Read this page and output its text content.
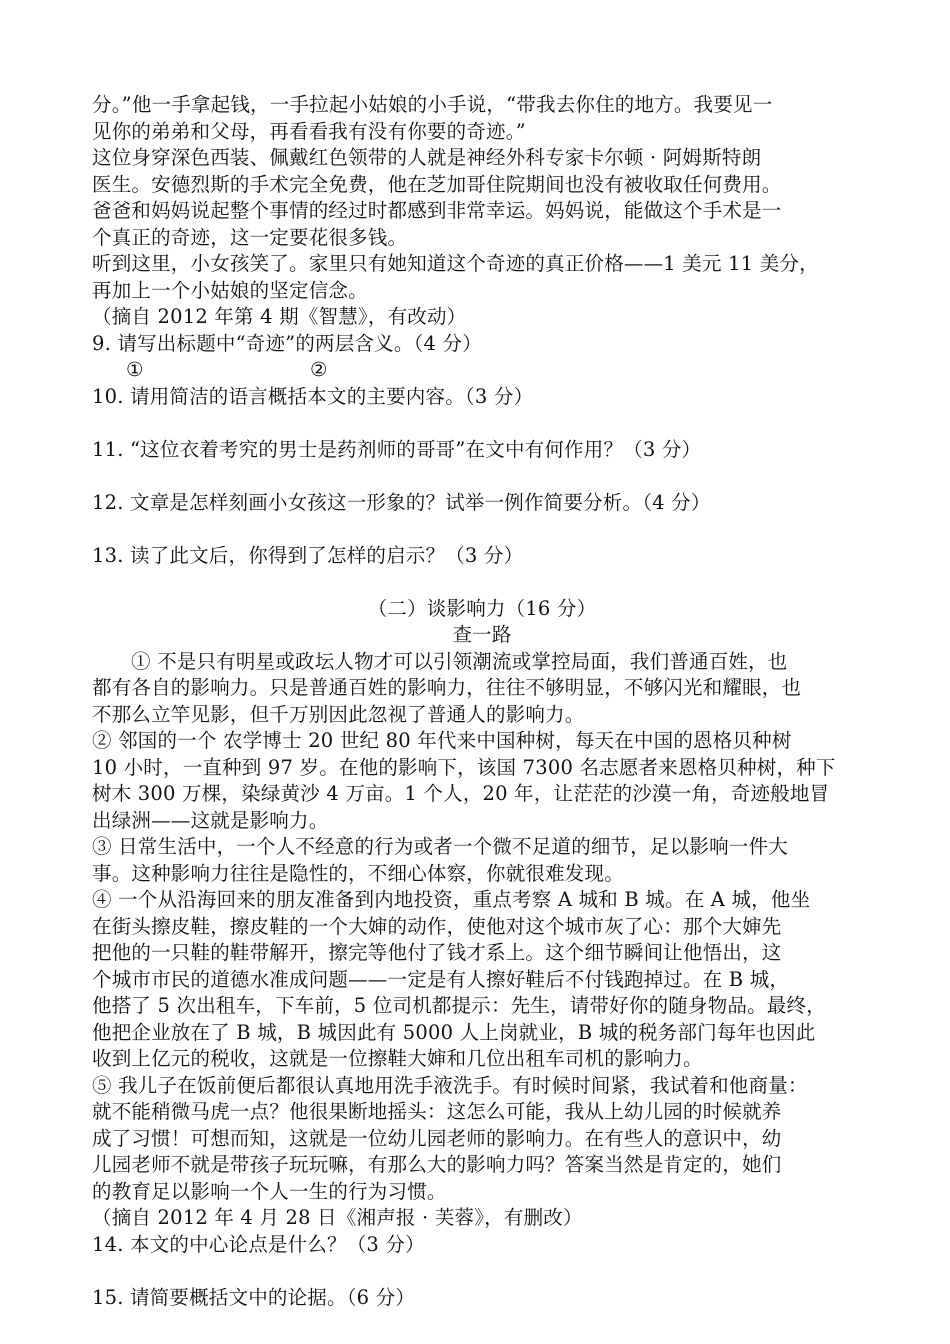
分。”他一手拿起钱，一手拉起小姑娘的小手说，“带我去你住的地方。我要见一
见你的弟弟和父母，再看看我有没有你要的奇迹。”
这位身穿深色西装、佩戴红色领带的人就是神经外科专家卡尔顿 · 阿姆斯特朗
医生。安德烈斯的手术完全免费，他在芝加哥住院期间也没有被收取任何费用。
爸爸和妈妈说起整个事情的经过时都感到非常幸运。妈妈说，能做这个手术是一
个真正的奇迹，这一定要花很多钱。
听到这里，小女孩笑了。家里只有她知道这个奇迹的真正价格——1 美元 11 美分，
再加上一个小姑娘的坚定信念。
（摘自 2012 年第 4 期《智慧》，有改动）
9. 请写出标题中“奇迹”的两层含义。（4 分）
①                          ②
10. 请用简洁的语言概括本文的主要内容。（3 分）
11. “这位衣着考究的男士是药剂师的哥哥”在文中有何作用？（3 分）
12. 文章是怎样刻画小女孩这一形象的？试举一例作简要分析。（4 分）
13. 读了此文后，你得到了怎样的启示？（3 分）
（二）谈影响力（16 分）
查一路
① 不是只有明星或政坛人物才可以引领潮流或掌控局面，我们普通百姓，也
都有各自的影响力。只是普通百姓的影响力，往往不够明显，不够闪光和耀眼，也
不那么立竿见影，但千万别因此忽视了普通人的影响力。
② 邻国的一个 农学博士 20 世纪 80 年代来中国种树，每天在中国的恩格贝种树
10 小时，一直种到 97 岁。在他的影响下，该国 7300 名志愿者来恩格贝种树，种下
树木 300 万棵，染绿黄沙 4 万亩。1 个人，20 年，让茫茫的沙漠一角，奇迹般地冒
出绿洲——这就是影响力。
③ 日常生活中，一个人不经意的行为或者一个微不足道的细节，足以影响一件大
事。这种影响力往往是隐性的，不细心体察，你就很难发现。
④ 一个从沿海回来的朋友准备到内地投资，重点考察 A 城和 B 城。在 A 城，他坐
在街头擦皮鞋，擦皮鞋的一个大婶的动作，使他对这个城市灰了心：那个大婶先
把他的一只鞋的鞋带解开，擦完等他付了钱才系上。这个细节瞬间让他悟出，这
个城市市民的道德水准成问题——一定是有人擦好鞋后不付钱跑掉过。在 B 城，
他搭了 5 次出租车，下车前，5 位司机都提示：先生，请带好你的随身物品。最终，
他把企业放在了 B 城，B 城因此有 5000 人上岗就业，B 城的税务部门每年也因此
收到上亿元的税收，这就是一位擦鞋大婶和几位出租车司机的影响力。
⑤ 我儿子在饭前便后都很认真地用洗手液洗手。有时候时间紧，我试着和他商量：
就不能稍微马虎一点？他很果断地摇头：这怎么可能，我从上幼儿园的时候就养
成了习惯！可想而知，这就是一位幼儿园老师的影响力。在有些人的意识中，幼
儿园老师不就是带孩子玩玩嘛，有那么大的影响力吗？答案当然是肯定的，她们
的教育足以影响一个人一生的行为习惯。
（摘自 2012 年 4 月 28 日《湘声报 · 芙蓉》，有删改）
14. 本文的中心论点是什么？（3 分）
15. 请简要概括文中的论据。（6 分）
